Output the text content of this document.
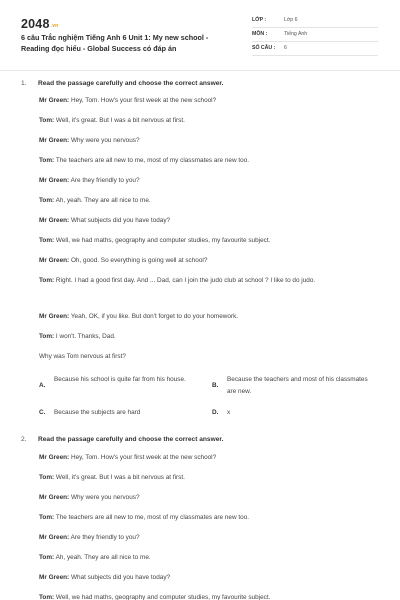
2048.vn
6 câu Trắc nghiệm Tiếng Anh 6 Unit 1: My new school - Reading đọc hiểu - Global Success có đáp án
LỚP :	Lớp 6
MÔN :	Tiếng Anh
SỐ CÂU : 6
1. Read the passage carefully and choose the correct answer.
Mr Green: Hey, Tom. How's your first week at the new school?
Tom: Well, it's great. But I was a bit nervous at first.
Mr Green: Why were you nervous?
Tom: The teachers are all new to me, most of my classmates are new too.
Mr Green: Are they friendly to you?
Tom: Ah, yeah. They are all nice to me.
Mr Green: What subjects did you have today?
Tom: Well, we had maths, geography and computer studies, my favourite subject.
Mr Green: Oh, good. So everything is going well at school?
Tom: Right. I had a good first day. And ... Dad, can I join the judo club at school ? I like to do judo.
Mr Green: Yeah, OK, if you like. But don't forget to do your homework.
Tom: I won't. Thanks, Dad.
Why was Tom nervous at first?
A.
Because his school is quite far from his house.
B.
Because the teachers and most of his classmates are new.
C. Because the subjects are hard	D. x
2. Read the passage carefully and choose the correct answer.
Mr Green: Hey, Tom. How's your first week at the new school?
Tom: Well, it's great. But I was a bit nervous at first.
Mr Green: Why were you nervous?
Tom: The teachers are all new to me, most of my classmates are new too.
Mr Green: Are they friendly to you?
Tom: Ah, yeah. They are all nice to me.
Mr Green: What subjects did you have today?
Tom: Well, we had maths, geography and computer studies, my favourite subject.
